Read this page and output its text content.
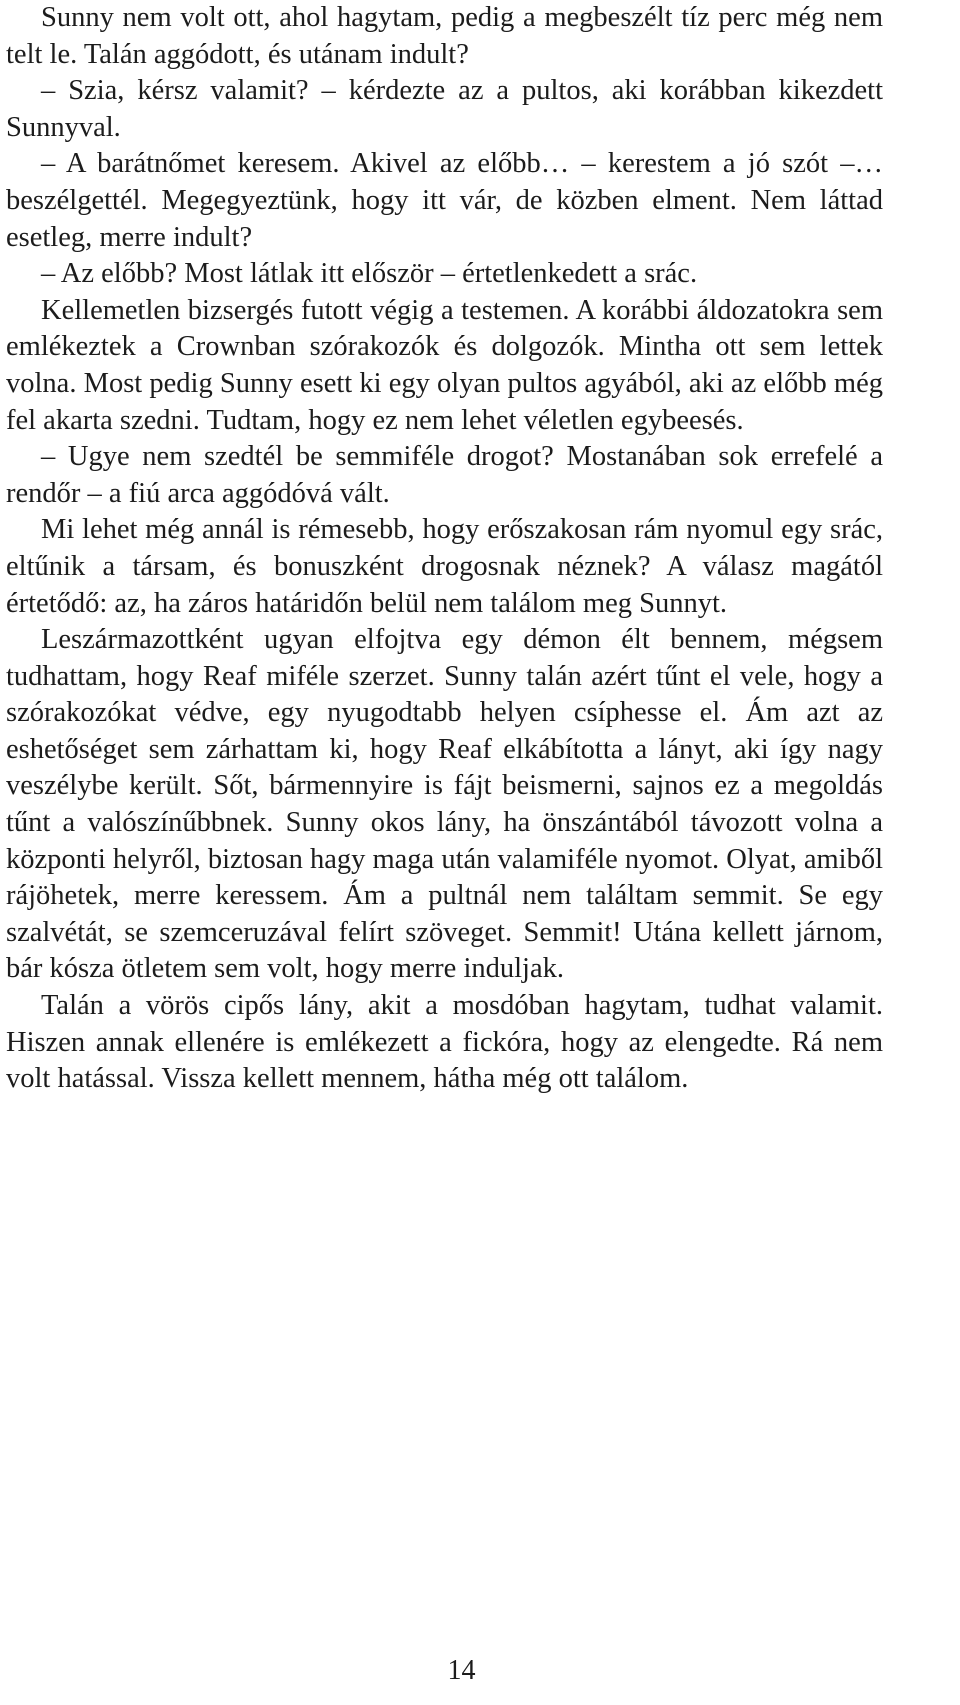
Sunny nem volt ott, ahol hagytam, pedig a megbeszélt tíz perc még nem telt le. Talán aggódott, és utánam indult?

– Szia, kérsz valamit? – kérdezte az a pultos, aki korábban kikezdett Sunnyval.

– A barátnőmet keresem. Akivel az előbb… – kerestem a jó szót –… beszélgettél. Megegyeztünk, hogy itt vár, de közben elment. Nem láttad esetleg, merre indult?

– Az előbb? Most látlak itt először – értetlenkedett a srác.

Kellemetlen bizsergés futott végig a testemen. A korábbi áldozatokra sem emlékeztek a Crownban szórakozók és dolgozók. Mintha ott sem lettek volna. Most pedig Sunny esett ki egy olyan pultos agyából, aki az előbb még fel akarta szedni. Tudtam, hogy ez nem lehet véletlen egybeesés.

– Ugye nem szedtél be semmiféle drogot? Mostanában sok errefelé a rendőr – a fiú arca aggódóvá vált.

Mi lehet még annál is rémesebb, hogy erőszakosan rám nyomul egy srác, eltűnik a társam, és bonuszként drogosnak néznek? A válasz magától értetődő: az, ha záros határidőn belül nem találom meg Sunnyt.

Leszármazottként ugyan elfojtva egy démon élt bennem, mégsem tudhattam, hogy Reaf miféle szerzet. Sunny talán azért tűnt el vele, hogy a szórakozókat védve, egy nyugodtabb helyen csíphesse el. Ám azt az eshetőséget sem zárhattam ki, hogy Reaf elkábította a lányt, aki így nagy veszélybe került. Sőt, bármennyire is fájt beismerni, sajnos ez a megoldás tűnt a valószínűbbnek. Sunny okos lány, ha önszántából távozott volna a központi helyről, biztosan hagy maga után valamiféle nyomot. Olyat, amiből rájöhetek, merre keressem. Ám a pultnál nem találtam semmit. Se egy szalvétát, se szemceruzával felírt szöveget. Semmit! Utána kellett járnom, bár kósza ötletem sem volt, hogy merre induljak.

Talán a vörös cipős lány, akit a mosdóban hagytam, tudhat valamit. Hiszen annak ellenére is emlékezett a fickóra, hogy az elengedte. Rá nem volt hatással. Vissza kellett mennem, hátha még ott találom.

14
